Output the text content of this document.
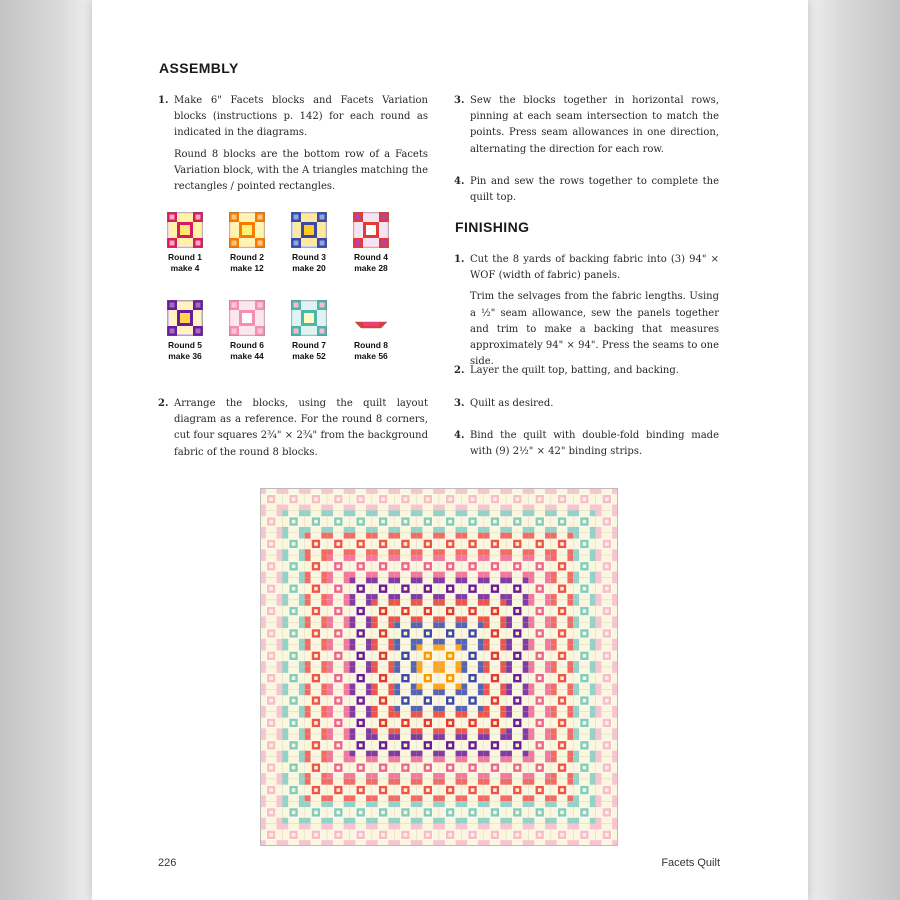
ASSEMBLY
1. Make 6" Facets blocks and Facets Variation blocks (instructions p. 142) for each round as indicated in the diagrams.

Round 8 blocks are the bottom row of a Facets Variation block, with the A triangles matching the rectangles / pointed rectangles.

Round 1
make 4
Round 2
make 12
Round 3
make 20
Round 4
make 28
Round 5
make 36
Round 6
make 44
Round 7
make 52
Round 8
make 56
2. Arrange the blocks, using the quilt layout diagram as a reference. For the round 8 corners, cut four squares 2¾" × 2¾" from the background fabric of the round 8 blocks.

3. Sew the blocks together in horizontal rows, pinning at each seam intersection to match the points. Press seam allowances in one direction, alternating the direction for each row.

4. Pin and sew the rows together to complete the quilt top.

FINISHING
1. Cut the 8 yards of backing fabric into (3) 94" × WOF (width of fabric) panels.

Trim the selvages from the fabric lengths. Using a ½" seam allowance, sew the panels together and trim to make a backing that measures approximately 94" × 94". Press the seams to one side.

2. Layer the quilt top, batting, and backing.

3. Quilt as desired.

4. Bind the quilt with double-fold binding made with (9) 2½" × 42" binding strips.

226	Facets Quilt
